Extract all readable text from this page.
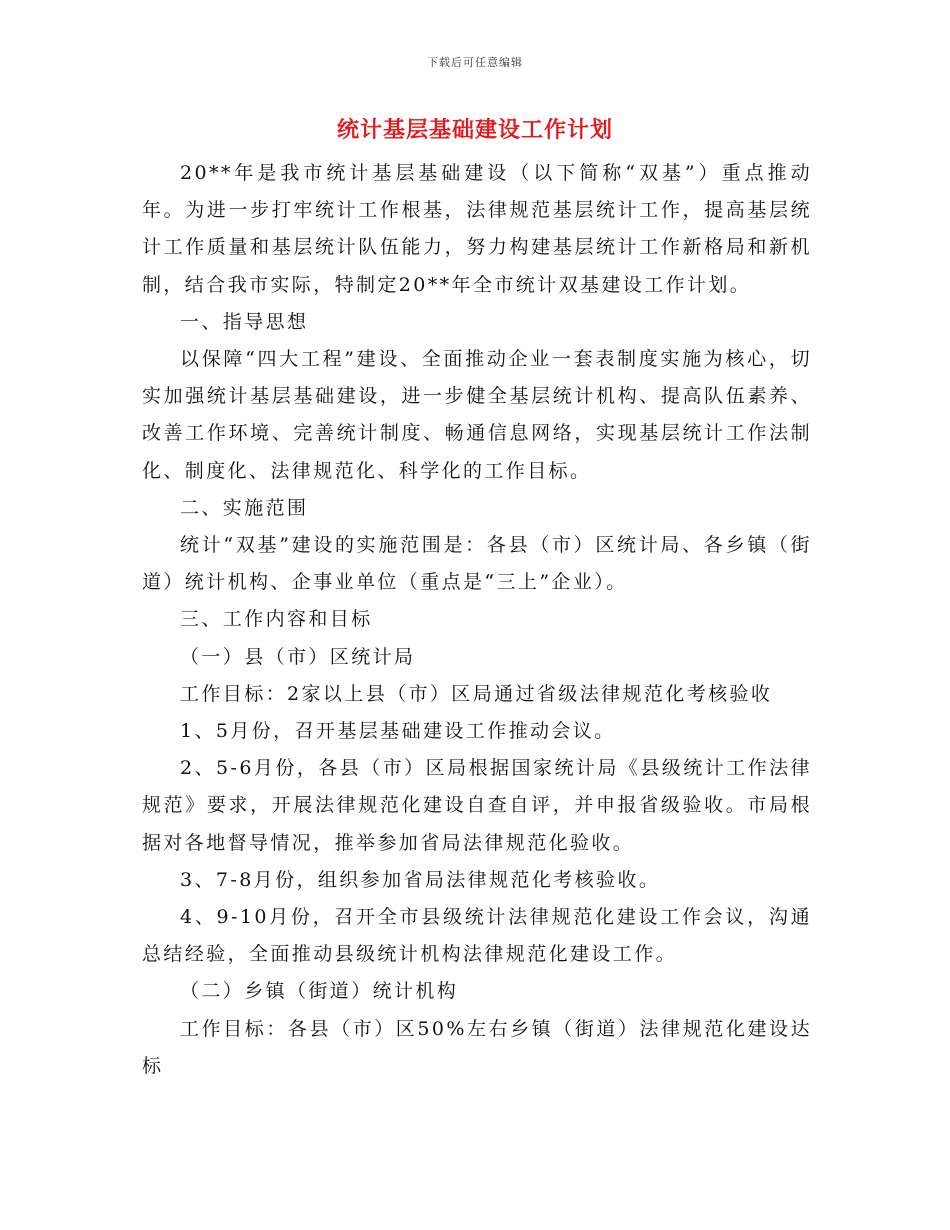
下载后可任意编辑
统计基层基础建设工作计划

20**年是我市统计基层基础建设（以下简称“双基”）重点推动年。为进一步打牢统计工作根基，法律规范基层统计工作，提高基层统计工作质量和基层统计队伍能力，努力构建基层统计工作新格局和新机制，结合我市实际，特制定20**年全市统计双基建设工作计划。

一、指导思想

以保障“四大工程”建设、全面推动企业一套表制度实施为核心，切实加强统计基层基础建设，进一步健全基层统计机构、提高队伍素养、改善工作环境、完善统计制度、畅通信息网络，实现基层统计工作法制化、制度化、法律规范化、科学化的工作目标。

二、实施范围

统计“双基”建设的实施范围是：各县（市）区统计局、各乡镇（街道）统计机构、企事业单位（重点是“三上”企业）。

三、工作内容和目标

（一）县（市）区统计局

工作目标：2家以上县（市）区局通过省级法律规范化考核验收

1、5月份，召开基层基础建设工作推动会议。

2、5-6月份，各县（市）区局根据国家统计局《县级统计工作法律规范》要求，开展法律规范化建设自查自评，并申报省级验收。市局根据对各地督导情况，推举参加省局法律规范化验收。

3、7-8月份，组织参加省局法律规范化考核验收。

4、9-10月份，召开全市县级统计法律规范化建设工作会议，沟通总结经验，全面推动县级统计机构法律规范化建设工作。

（二）乡镇（街道）统计机构

工作目标：各县（市）区50%左右乡镇（街道）法律规范化建设达标
